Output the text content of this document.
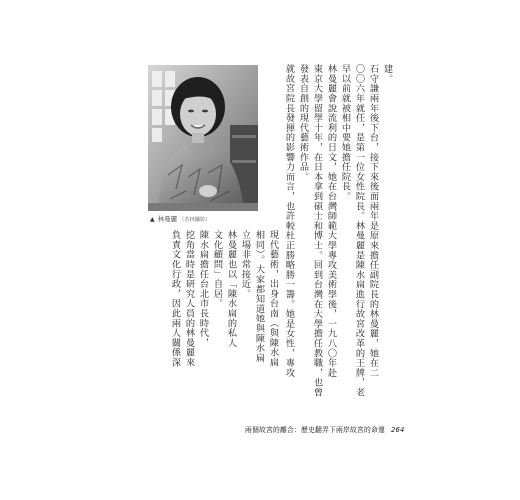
建。
石守謙兩年後下台，接下來後面兩年是原來擔任副院長的林曼麗，她在二
〇〇六年就任，是第一位女性院長。林曼麗是陳水扁進行故宮改革的王牌，老
早以前就被相中要她擔任院長。
林曼麗會說流利的日文，她在台灣師範大學專攻美術學後，一九八〇年赴
東京大學留學十年，在日本拿到碩士和博士。回到台灣在大學擔任教職，也曾
發表自創的現代藝術作品。
就故宮院長發揮的影響力而言，也許較杜正勝略勝一籌。她是女性，專攻
現代藝術，出身台南（與陳水扁
相同）。大家都知道她與陳水扁
立場非常接近。
林曼麗也以「陳水扁的私人
文化顧問」自居。
陳水扁擔任台北市長時代，
挖角當時是研究人員的林曼麗來
負責文化行政，因此兩人關係深
▲ 林曼麗 （若林攝影）
兩個故宮的離合：歷史翻弄下兩岸故宮的命運 264
